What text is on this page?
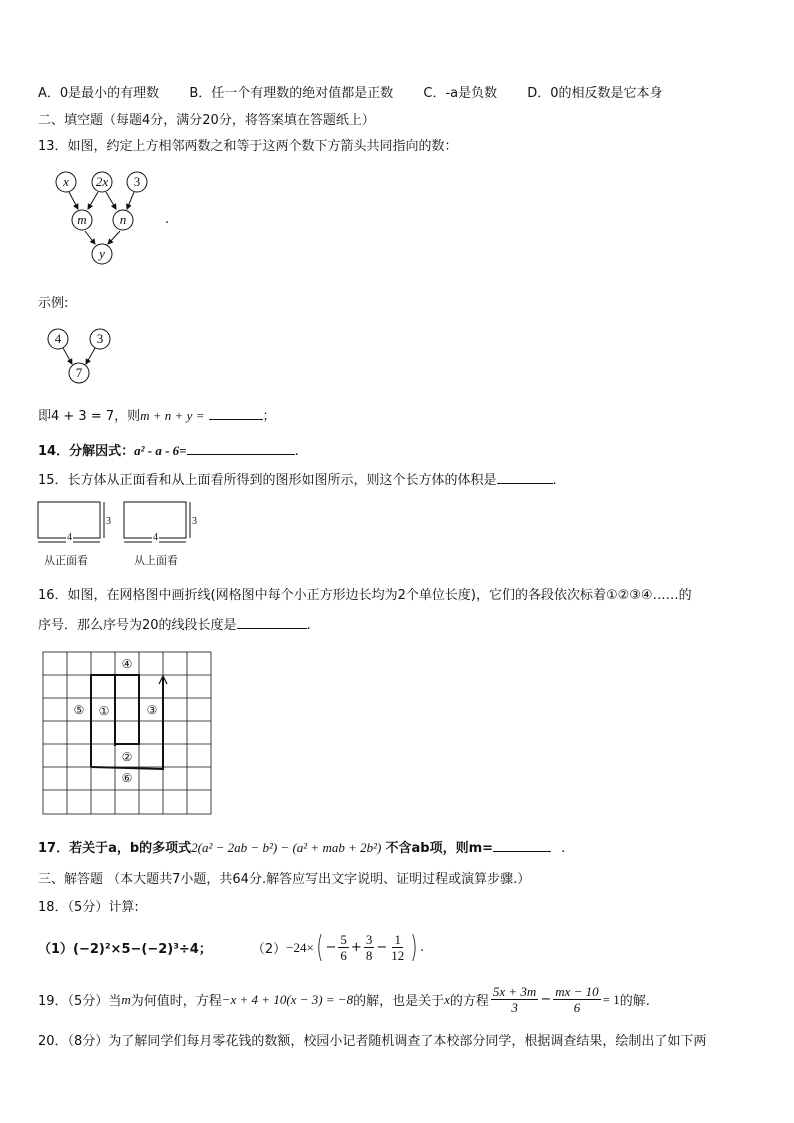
A．0是最小的有理数 B．任一个有理数的绝对值都是正数 C．-a是负数 D．0的相反数是它本身
二、填空题（每题4分，满分20分，将答案填在答题纸上）
13．如图，约定上方相邻两数之和等于这两个数下方箭头共同指向的数：
x 2x 3
m	n
y
.
示例:
4	3
7
即4 + 3 = 7，则m + n + y =	；
14．分解因式：a² - a - 6=	.
15．长方体从正面看和从上面看所得到的图形如图所示，则这个长方体的体积是	.
3	3
4	4
从正面看	从上面看
16．如图，在网格图中画折线(网格图中每个小正方形边长均为2个单位长度)，它们的各段依次标着①②③④……的
序号．那么序号为20的线段长度是	.
④
⑤ ①	③
②
⑥
17．若关于a，b的多项式2(a² − 2ab − b²) − (a² + mab + 2b²) 不含ab项，则m=	.
三、解答题 （本大题共7小题，共64分.解答应写出文字说明、证明过程或演算步骤.）
18．（5分）计算:
（1）(−2)²×5−(−2)³÷4；	（2） −24× ( − $\frac{5}{6} + \frac{3}{8} - \frac{1}{12}$ ) .
19．（5分）当 m 为何值时，方程 −x + 4 + 10(x − 3) = −8 的解，也是关于 x 的方程 $\frac{5x + 3m}{3} - \frac{mx - 10}{6} = 1$ 的解.
20．（8分）为了解同学们每月零花钱的数额，校园小记者随机调查了本校部分同学，根据调查结果，绘制出了如下两
